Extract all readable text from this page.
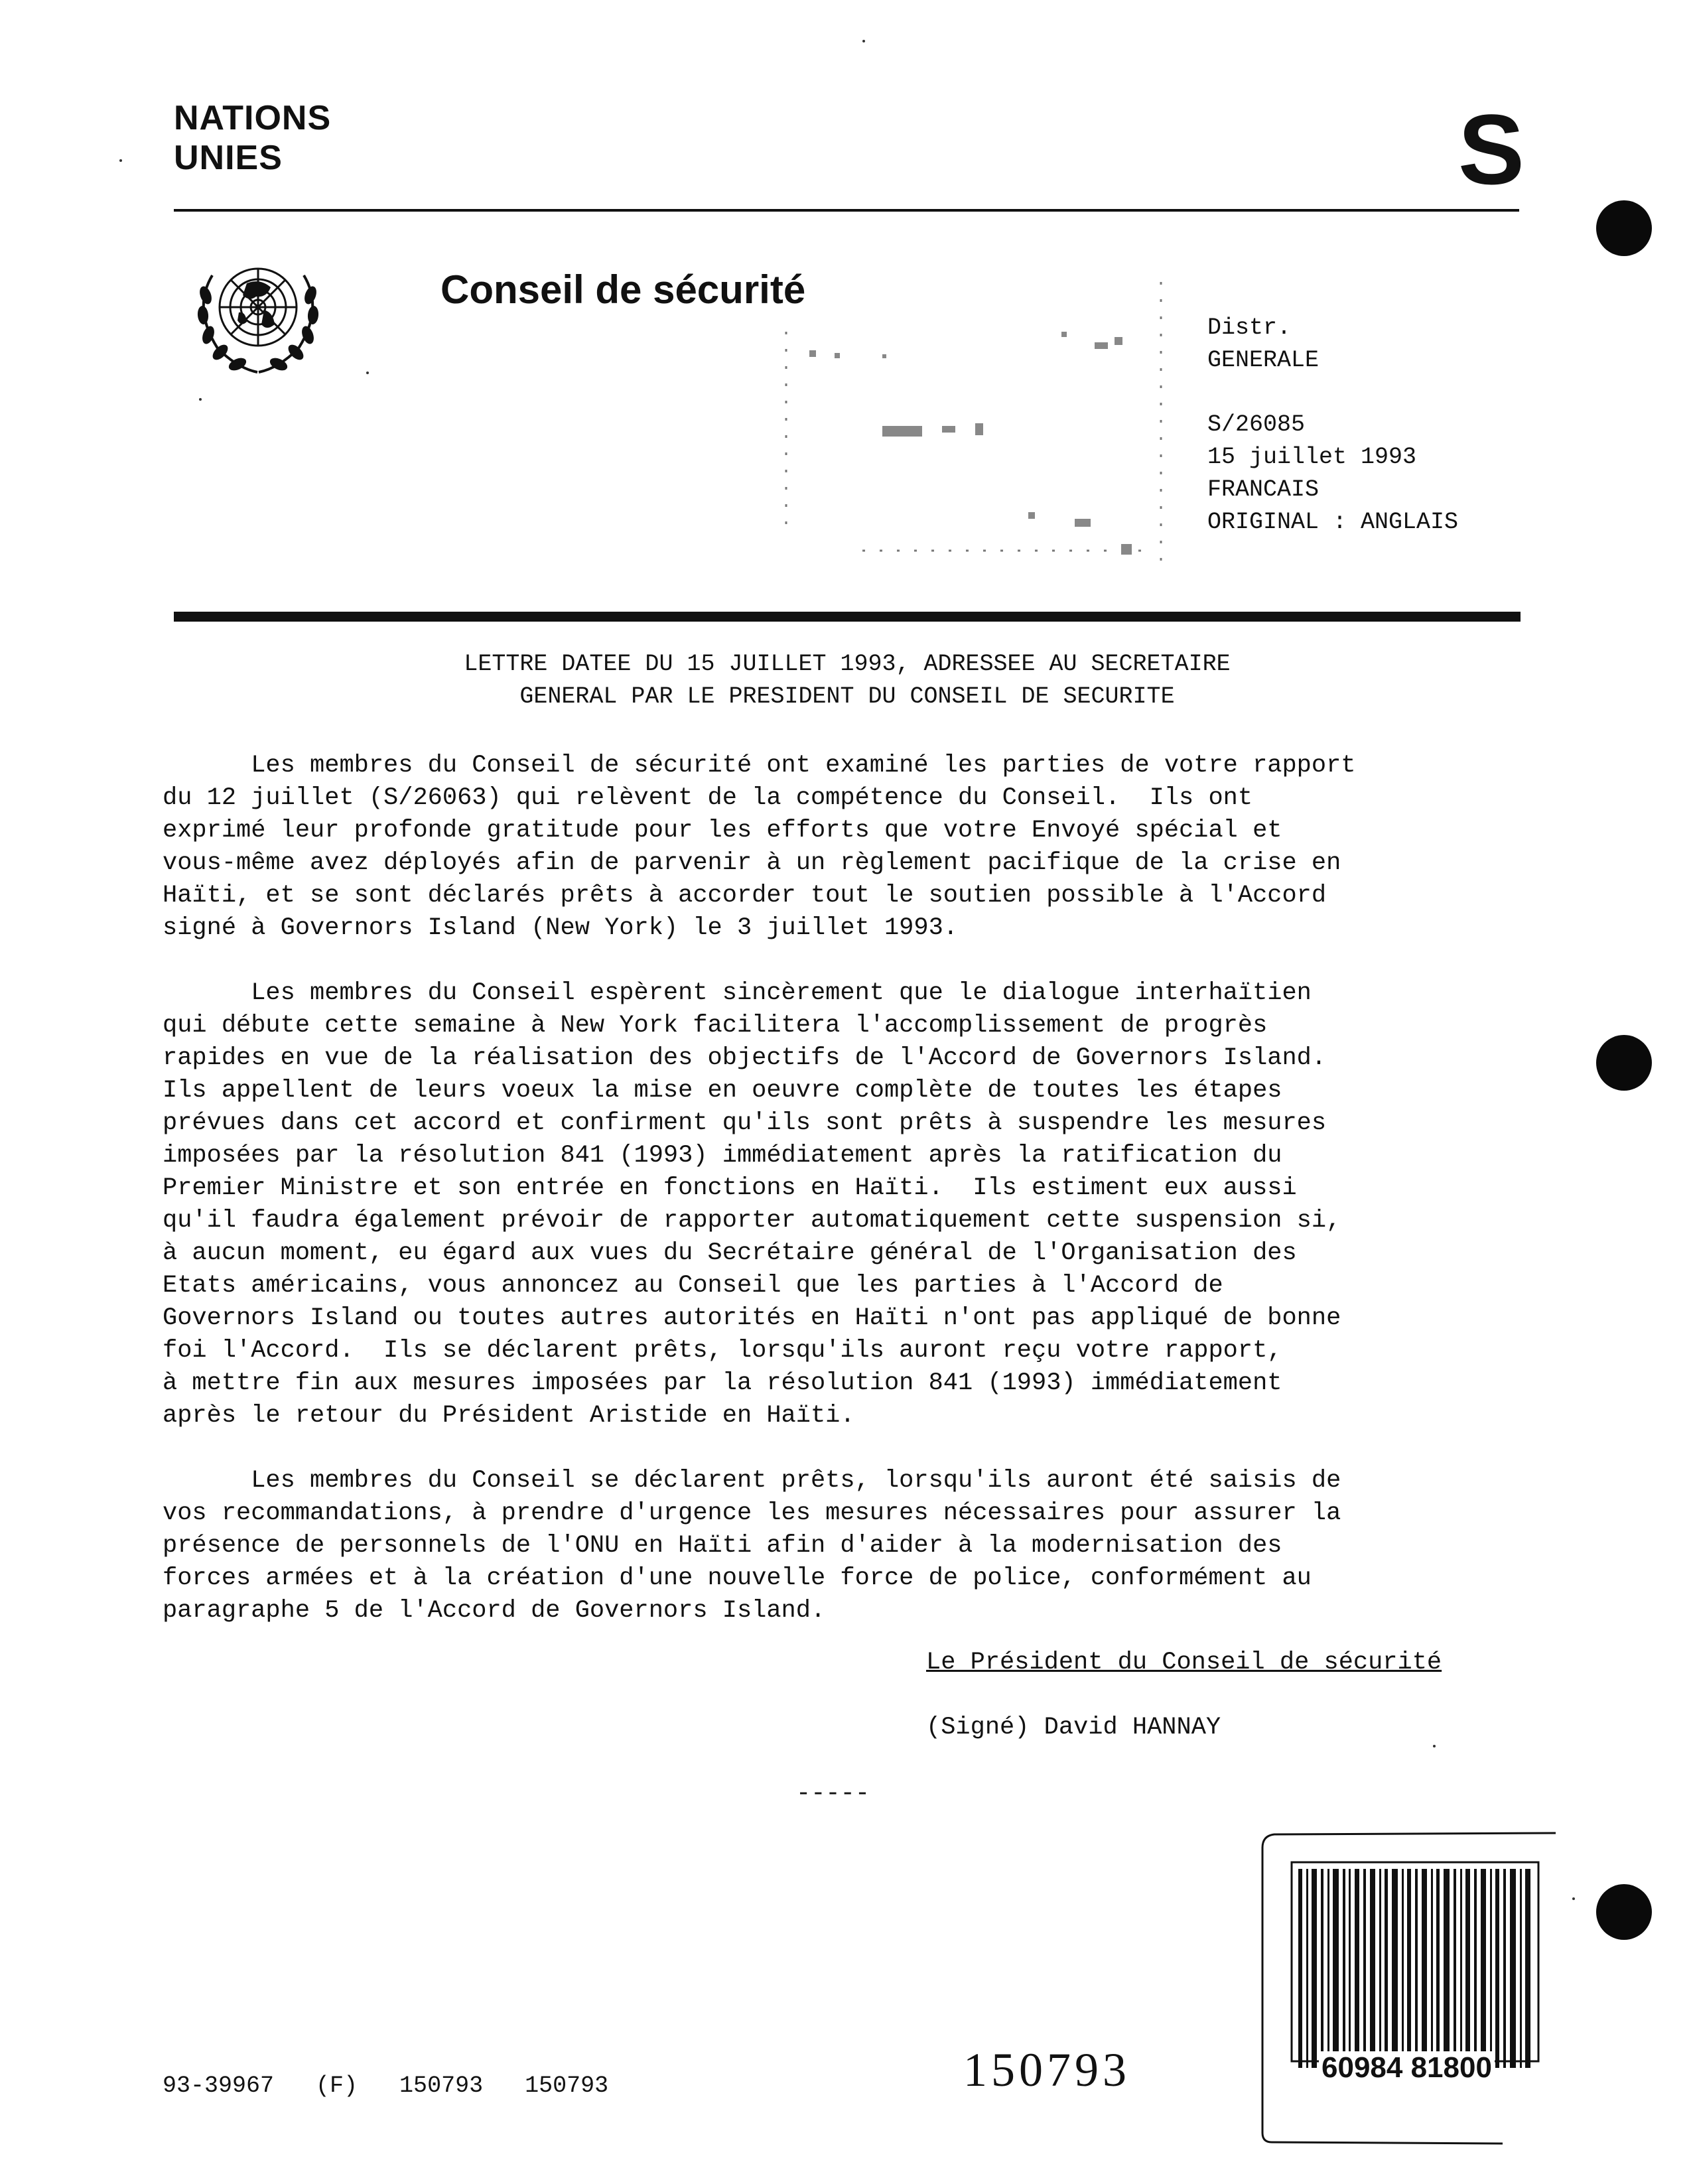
NATIONS
UNIES	S
Conseil de sécurité
Distr.
GENERALE
S/26085
15 juillet 1993
FRANCAIS
ORIGINAL : ANGLAIS
LETTRE DATEE DU 15 JUILLET 1993, ADRESSEE AU SECRETAIRE
GENERAL PAR LE PRESIDENT DU CONSEIL DE SECURITE
Les membres du Conseil de sécurité ont examiné les parties de votre rapport
du 12 juillet (S/26063) qui relèvent de la compétence du Conseil.  Ils ont
exprimé leur profonde gratitude pour les efforts que votre Envoyé spécial et
vous-même avez déployés afin de parvenir à un règlement pacifique de la crise en
Haïti, et se sont déclarés prêts à accorder tout le soutien possible à l'Accord
signé à Governors Island (New York) le 3 juillet 1993.
Les membres du Conseil espèrent sincèrement que le dialogue interhaïtien
qui débute cette semaine à New York facilitera l'accomplissement de progrès
rapides en vue de la réalisation des objectifs de l'Accord de Governors Island.
Ils appellent de leurs voeux la mise en oeuvre complète de toutes les étapes
prévues dans cet accord et confirment qu'ils sont prêts à suspendre les mesures
imposées par la résolution 841 (1993) immédiatement après la ratification du
Premier Ministre et son entrée en fonctions en Haïti.  Ils estiment eux aussi
qu'il faudra également prévoir de rapporter automatiquement cette suspension si,
à aucun moment, eu égard aux vues du Secrétaire général de l'Organisation des
Etats américains, vous annoncez au Conseil que les parties à l'Accord de
Governors Island ou toutes autres autorités en Haïti n'ont pas appliqué de bonne
foi l'Accord.  Ils se déclarent prêts, lorsqu'ils auront reçu votre rapport,
à mettre fin aux mesures imposées par la résolution 841 (1993) immédiatement
après le retour du Président Aristide en Haïti.
Les membres du Conseil se déclarent prêts, lorsqu'ils auront été saisis de
vos recommandations, à prendre d'urgence les mesures nécessaires pour assurer la
présence de personnels de l'ONU en Haïti afin d'aider à la modernisation des
forces armées et à la création d'une nouvelle force de police, conformément au
paragraphe 5 de l'Accord de Governors Island.
Le Président du Conseil de sécurité
(Signé) David HANNAY
-----
93-39967   (F)   150793   150793	150793	60984 81800
